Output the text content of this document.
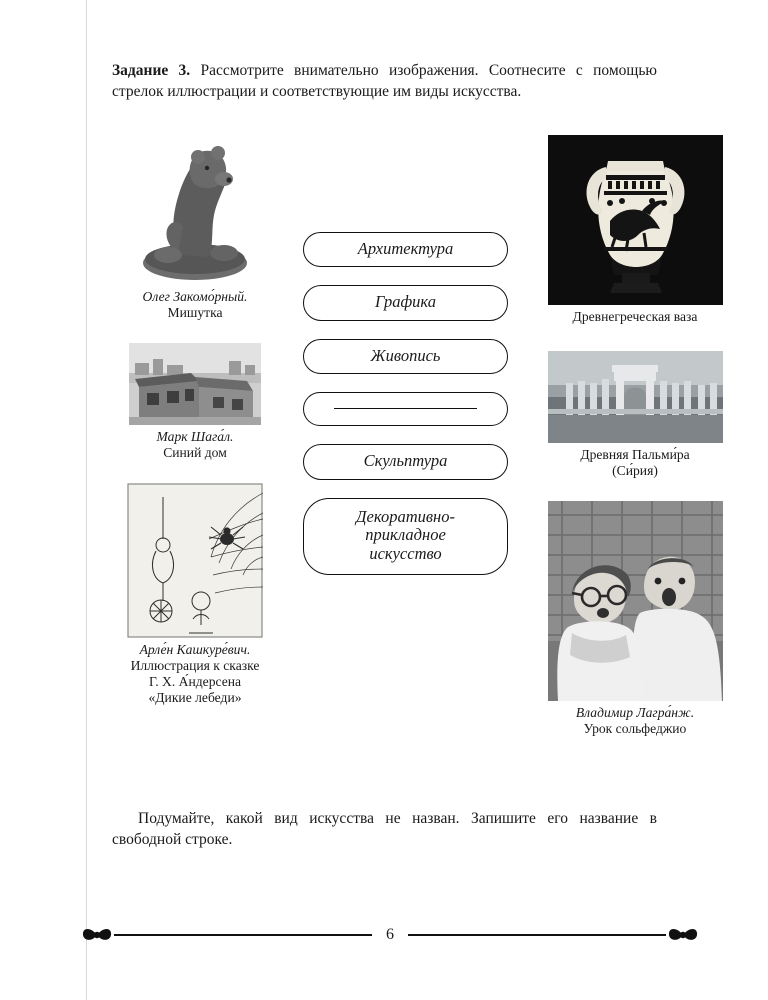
Задание 3. Рассмотрите внимательно изображения. Соотнесите с помощью стрелок иллюстрации и соответствующие им виды искусства.
Олег Закомо́рный.
Мишутка
Марк Шага́л.
Синий дом
Арле́н Кашкуре́вич.
Иллюстрация к сказке
Г. Х. А́ндерсена
«Дикие лебеди»
Архитектура
Графика
Живопись
Скульптура
Декоративно-
прикладное
искусство
Древнегреческая ваза
Древняя Пальми́ра
(Си́рия)
Владимир Лагра́нж.
Урок сольфеджио
Подумайте, какой вид искусства не назван. Запишите его название в свободной строке.
6
